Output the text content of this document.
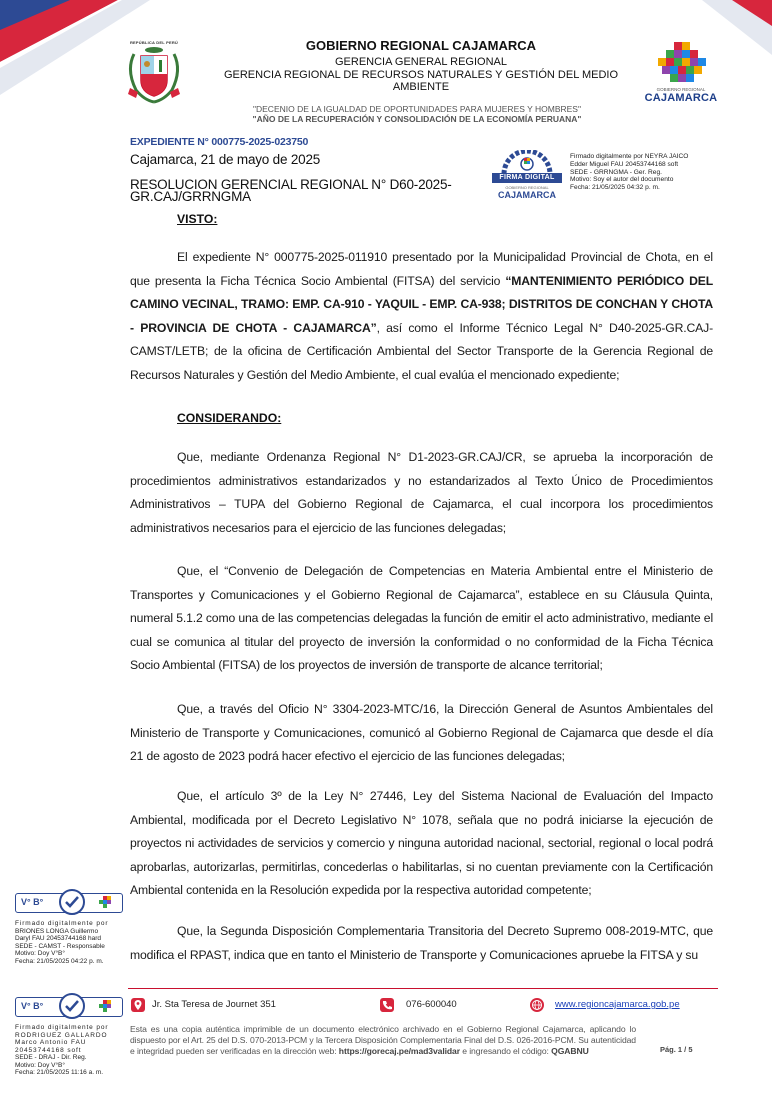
REPÚBLICA DEL PERÚ	GOBIERNO REGIONAL CAJAMARCA
GERENCIA GENERAL REGIONAL
GERENCIA REGIONAL DE RECURSOS NATURALES Y GESTIÓN DEL MEDIO AMBIENTE	GOBIERNO REGIONAL
CAJAMARCA
"DECENIO DE LA IGUALDAD DE OPORTUNIDADES PARA MUJERES Y HOMBRES"
"AÑO DE LA RECUPERACIÓN Y CONSOLIDACIÓN DE LA ECONOMÍA PERUANA"
EXPEDIENTE N° 000775-2025-023750
Cajamarca, 21 de mayo de 2025
RESOLUCION GERENCIAL REGIONAL N° D60-2025-GR.CAJ/GRRNGMA
FIRMA DIGITAL
GOBIERNO REGIONAL
CAJAMARCA
Firmado digitalmente por NEYRA JAICO
Edder Miguel FAU 20453744168 soft
SEDE - GRRNGMA - Ger. Reg.
Motivo: Soy el autor del documento
Fecha: 21/05/2025 04:32 p. m.
VISTO:
El expediente N° 000775-2025-011910 presentado por la Municipalidad Provincial de Chota, en el que presenta la Ficha Técnica Socio Ambiental (FITSA) del servicio “MANTENIMIENTO PERIÓDICO DEL CAMINO VECINAL, TRAMO: EMP. CA-910 - YAQUIL - EMP. CA-938; DISTRITOS DE CONCHAN Y CHOTA - PROVINCIA DE CHOTA - CAJAMARCA”, así como el Informe Técnico Legal N° D40-2025-GR.CAJ-CAMST/LETB; de la oficina de Certificación Ambiental del Sector Transporte de la Gerencia Regional de Recursos Naturales y Gestión del Medio Ambiente, el cual evalúa el mencionado expediente;
CONSIDERANDO:
Que, mediante Ordenanza Regional N° D1-2023-GR.CAJ/CR, se aprueba la incorporación de procedimientos administrativos estandarizados y no estandarizados al Texto Único de Procedimientos Administrativos – TUPA del Gobierno Regional de Cajamarca, el cual incorpora los procedimientos administrativos necesarios para el ejercicio de las funciones delegadas;
Que, el “Convenio de Delegación de Competencias en Materia Ambiental entre el Ministerio de Transportes y Comunicaciones y el Gobierno Regional de Cajamarca”, establece en su Cláusula Quinta, numeral 5.1.2 como una de las competencias delegadas la función de emitir el acto administrativo, mediante el cual se comunica al titular del proyecto de inversión la conformidad o no conformidad de la Ficha Técnica Socio Ambiental (FITSA) de los proyectos de inversión de transporte de alcance territorial;
Que, a través del Oficio N° 3304-2023-MTC/16, la Dirección General de Asuntos Ambientales del Ministerio de Transporte y Comunicaciones, comunicó al Gobierno Regional de Cajamarca que desde el día 21 de agosto de 2023 podrá hacer efectivo el ejercicio de las funciones delegadas;
Que, el artículo 3º de la Ley N° 27446, Ley del Sistema Nacional de Evaluación del Impacto Ambiental, modificada por el Decreto Legislativo N° 1078, señala que no podrá iniciarse la ejecución de proyectos ni actividades de servicios y comercio y ninguna autoridad nacional, sectorial, regional o local podrá aprobarlas, autorizarlas, permitirlas, concederlas o habilitarlas, si no cuentan previamente con la Certificación Ambiental contenida en la Resolución expedida por la respectiva autoridad competente;
Que, la Segunda Disposición Complementaria Transitoria del Decreto Supremo 008-2019-MTC, que modifica el RPAST, indica que en tanto el Ministerio de Transporte y Comunicaciones apruebe la FITSA y su
V° B°
Firmado digitalmente por
BRIONES LONGA Guillermo
Daryl FAU 20453744168 hard
SEDE - CAMST - Responsable
Motivo: Doy V°B°
Fecha: 21/05/2025 04:22 p. m.
V° B°
Firmado digitalmente por
RODRIGUEZ GALLARDO
Marco Antonio FAU
20453744168 soft
SEDE - DRAJ - Dir. Reg.
Motivo: Doy V°B°
Fecha: 21/05/2025 11:16 a. m.
Jr. Sta Teresa de Journet 351	076-600040	www.regioncajamarca.gob.pe
Esta es una copia auténtica imprimible de un documento electrónico archivado en el Gobierno Regional Cajamarca, aplicando lo dispuesto por el Art. 25 del D.S. 070-2013-PCM y la Tercera Disposición Complementaria Final del D.S. 026-2016-PCM. Su autenticidad e integridad pueden ser verificadas en la dirección web: https://gorecaj.pe/mad3validar e ingresando el código: QGABNU	Pág. 1 / 5
